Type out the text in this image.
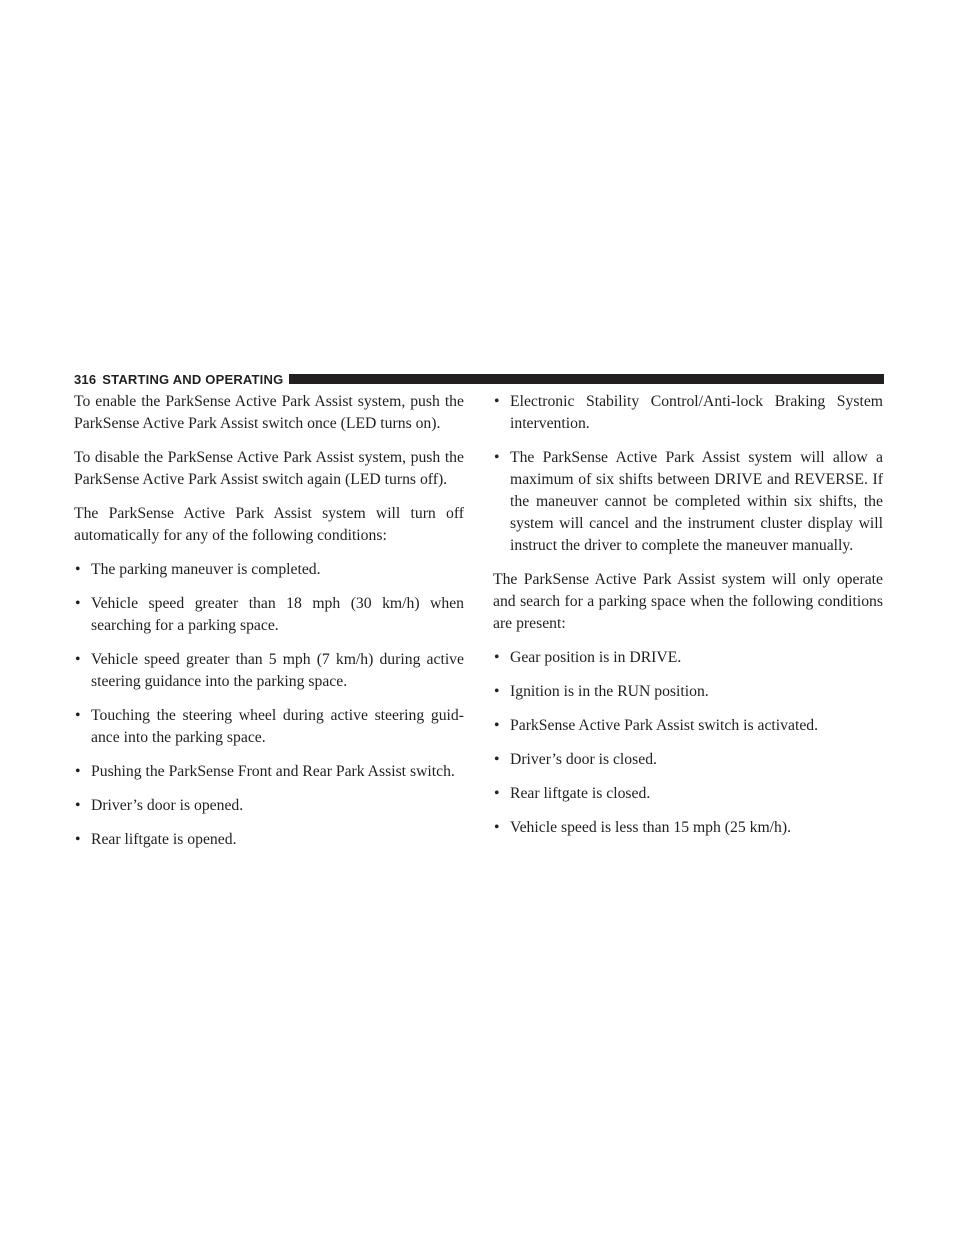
316 STARTING AND OPERATING

To enable the ParkSense Active Park Assist system, push the ParkSense Active Park Assist switch once (LED turns on).

To disable the ParkSense Active Park Assist system, push the ParkSense Active Park Assist switch again (LED turns off).

The ParkSense Active Park Assist system will turn off automatically for any of the following conditions:

• The parking maneuver is completed.
• Vehicle speed greater than 18 mph (30 km/h) when searching for a parking space.
• Vehicle speed greater than 5 mph (7 km/h) during active steering guidance into the parking space.
• Touching the steering wheel during active steering guidance into the parking space.
• Pushing the ParkSense Front and Rear Park Assist switch.
• Driver’s door is opened.
• Rear liftgate is opened.
• Electronic Stability Control/Anti-lock Braking System intervention.
• The ParkSense Active Park Assist system will allow a maximum of six shifts between DRIVE and REVERSE. If the maneuver cannot be completed within six shifts, the system will cancel and the instrument cluster display will instruct the driver to complete the maneuver manually.

The ParkSense Active Park Assist system will only operate and search for a parking space when the following conditions are present:

• Gear position is in DRIVE.
• Ignition is in the RUN position.
• ParkSense Active Park Assist switch is activated.
• Driver’s door is closed.
• Rear liftgate is closed.
• Vehicle speed is less than 15 mph (25 km/h).
